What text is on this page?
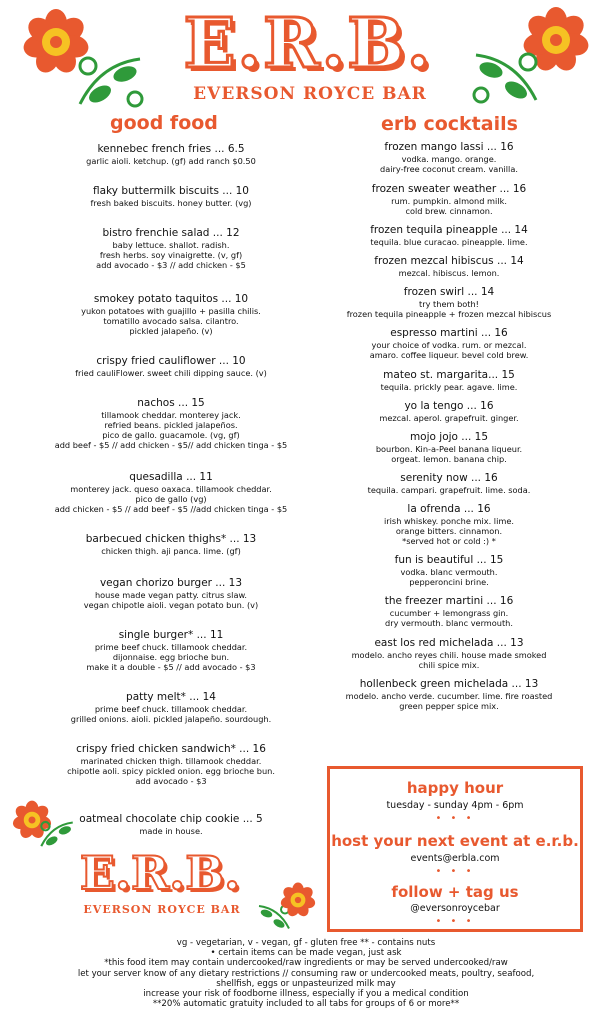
E.R.B.
EVERSON ROYCE BAR
good food	erb cocktails
kennebec french fries ... 6.5
garlic aioli. ketchup. (gf) add ranch $0.50
flaky buttermilk biscuits ... 10
fresh baked biscuits. honey butter. (vg)
bistro frenchie salad ... 12
baby lettuce. shallot. radish.
fresh herbs. soy vinaigrette. (v, gf)
add avocado - $3 // add chicken - $5
smokey potato taquitos ... 10
yukon potatoes with guajillo + pasilla chilis.
tomatillo avocado salsa. cilantro.
pickled jalapeño. (v)
crispy fried cauliflower ... 10
fried cauliFlower. sweet chili dipping sauce. (v)
nachos ... 15
tillamook cheddar. monterey jack.
refried beans. pickled jalapeños.
pico de gallo. guacamole. (vg, gf)
add beef - $5 // add chicken - $5// add chicken tinga - $5
quesadilla ... 11
monterey jack. queso oaxaca. tillamook cheddar.
pico de gallo (vg)
add chicken - $5 // add beef - $5 //add chicken tinga - $5
barbecued chicken thighs* ... 13
chicken thigh. aji panca. lime. (gf)
vegan chorizo burger ... 13
house made vegan patty. citrus slaw.
vegan chipotle aioli. vegan potato bun. (v)
single burger* ... 11
prime beef chuck. tillamook cheddar.
dijonnaise. egg brioche bun.
make it a double - $5 // add avocado - $3
patty melt* ... 14
prime beef chuck. tillamook cheddar.
grilled onions. aioli. pickled jalapeño. sourdough.
crispy fried chicken sandwich* ... 16
marinated chicken thigh. tillamook cheddar.
chipotle aoli. spicy pickled onion. egg brioche bun.
add avocado - $3
oatmeal chocolate chip cookie ... 5
made in house.
frozen mango lassi ... 16
vodka. mango. orange.
dairy-free coconut cream. vanilla.
frozen sweater weather ... 16
rum. pumpkin. almond milk.
cold brew. cinnamon.
frozen tequila pineapple ... 14
tequila. blue curacao. pineapple. lime.
frozen mezcal hibiscus ... 14
mezcal. hibiscus. lemon.
frozen swirl ... 14
try them both!
frozen tequila pineapple + frozen mezcal hibiscus
espresso martini ... 16
your choice of vodka. rum. or mezcal.
amaro. coffee liqueur. bevel cold brew.
mateo st. margarita... 15
tequila. prickly pear. agave. lime.
yo la tengo ... 16
mezcal. aperol. grapefruit. ginger.
mojo jojo ... 15
bourbon. Kin-a-Peel banana liqueur.
orgeat. lemon. banana chip.
serenity now ... 16
tequila. campari. grapefruit. lime. soda.
la ofrenda ... 16
irish whiskey. ponche mix. lime.
orange bitters. cinnamon.
*served hot or cold :) *
fun is beautiful ... 15
vodka. blanc vermouth.
pepperoncini brine.
the freezer martini ... 16
cucumber + lemongrass gin.
dry vermouth. blanc vermouth.
east los red michelada ... 13
modelo. ancho reyes chili. house made smoked
chili spice mix.
hollenbeck green michelada ... 13
modelo. ancho verde. cucumber. lime. fire roasted
green pepper spice mix.
happy hour
tuesday - sunday 4pm - 6pm
• • •
host your next event at e.r.b.
events@erbla.com
• • •
follow + tag us
@eversonroycebar
• • •
E.R.B.
EVERSON ROYCE BAR
vg - vegetarian, v - vegan, gf - gluten free ** - contains nuts
• certain items can be made vegan, just ask
*this food item may contain undercooked/raw ingredients or may be served undercooked/raw
let your server know of any dietary restrictions // consuming raw or undercooked meats, poultry, seafood,
shellfish, eggs or unpasteurized milk may
increase your risk of foodborne illness, especially if you a medical condition
**20% automatic gratuity included to all tabs for groups of 6 or more**
